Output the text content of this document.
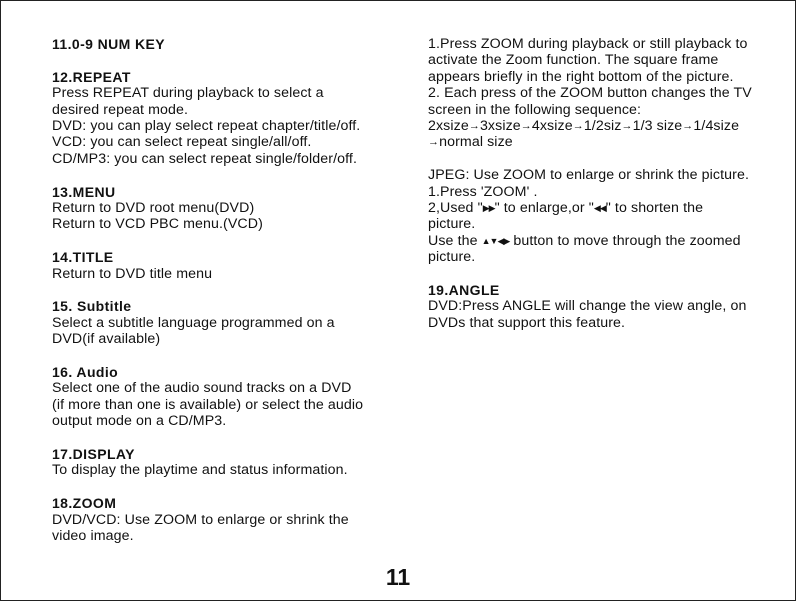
11.0-9 NUM KEY
12.REPEAT
Press REPEAT during playback to select a
desired repeat mode.
DVD: you can play select repeat chapter/title/off.
VCD: you can select repeat single/all/off.
CD/MP3: you can select repeat single/folder/off.
13.MENU
Return to DVD root menu(DVD)
Return to VCD PBC menu.(VCD)
14.TITLE
Return to DVD title menu
15. Subtitle
Select a subtitle language programmed on a
DVD(if available)
16. Audio
Select one of the audio sound tracks on a DVD
(if more than one is available) or select the audio
output mode on a CD/MP3.
17.DISPLAY
To display the playtime and status information.
18.ZOOM
DVD/VCD: Use ZOOM to enlarge or shrink the
video image.
1.Press ZOOM during playback or still playback to
activate the Zoom function. The square frame
appears briefly in the right bottom of the picture.
2. Each press of the ZOOM button changes the TV
screen in the following sequence:
2xsize→3xsize→4xsize→1/2siz→1/3 size→1/4size
→normal size
JPEG: Use ZOOM to enlarge or shrink the picture.
1.Press 'ZOOM' .
2,Used "▶▶" to enlarge,or "◀◀" to shorten the
picture.
Use the ▲▼◀▶ button to move through the zoomed
picture.
19.ANGLE
DVD:Press ANGLE will change the view angle, on
DVDs that support this feature.
11
